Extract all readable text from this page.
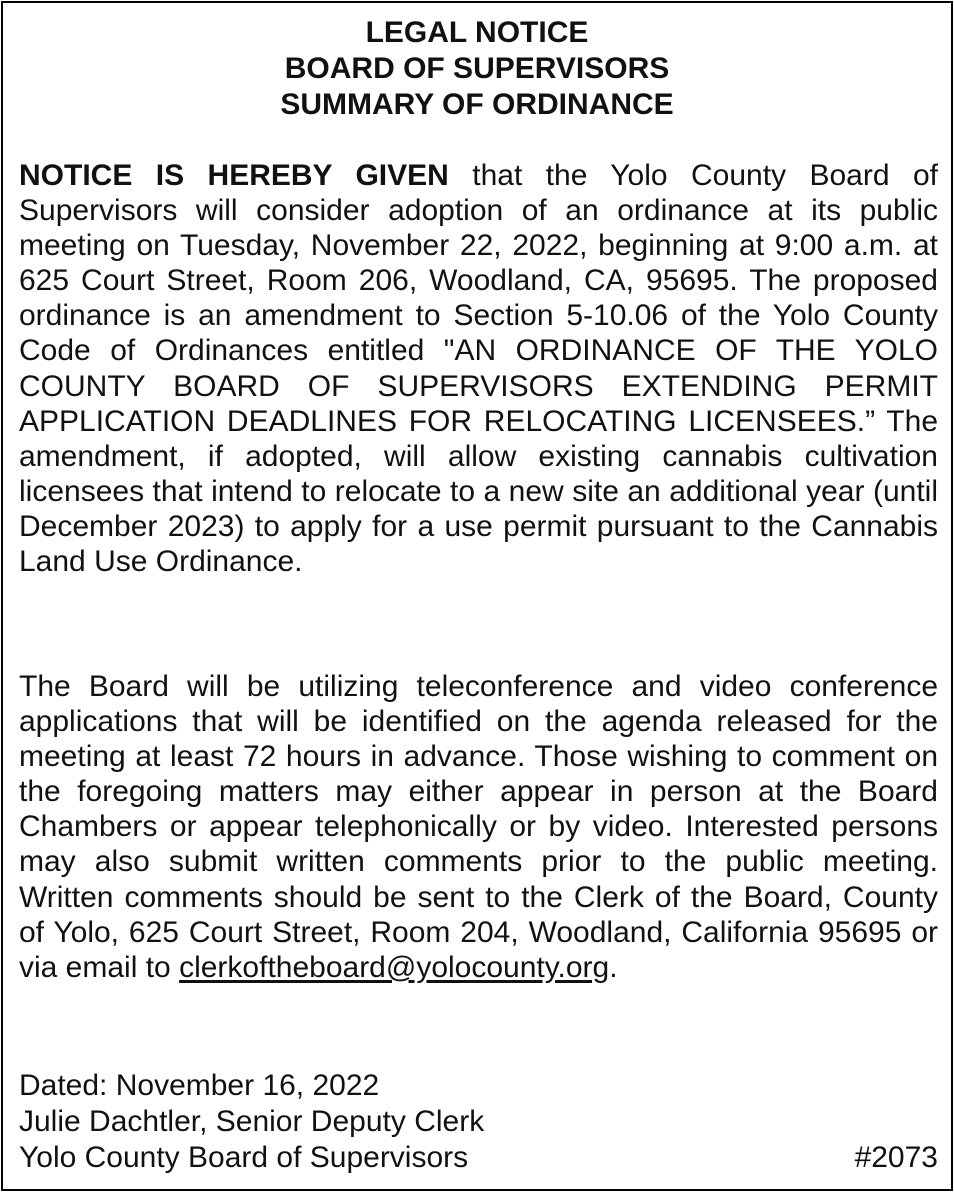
LEGAL NOTICE
BOARD OF SUPERVISORS
SUMMARY OF ORDINANCE

NOTICE IS HEREBY GIVEN that the Yolo County Board of Supervisors will consider adoption of an ordinance at its public meeting on Tuesday, November 22, 2022, beginning at 9:00 a.m. at 625 Court Street, Room 206, Woodland, CA, 95695. The proposed ordinance is an amendment to Section 5-10.06 of the Yolo County Code of Ordinances entitled "AN ORDINANCE OF THE YOLO COUNTY BOARD OF SUPERVISORS EXTENDING PERMIT APPLICATION DEADLINES FOR RELOCATING LICENSEES.” The amendment, if adopted, will allow existing cannabis cultivation licensees that intend to relocate to a new site an additional year (until December 2023) to apply for a use permit pursuant to the Cannabis Land Use Ordinance.

The Board will be utilizing teleconference and video conference applications that will be identified on the agenda released for the meeting at least 72 hours in advance. Those wishing to comment on the foregoing matters may either appear in person at the Board Chambers or appear telephonically or by video. Interested persons may also submit written comments prior to the public meeting. Written comments should be sent to the Clerk of the Board, County of Yolo, 625 Court Street, Room 204, Woodland, California 95695 or via email to clerkoftheboard@yolocounty.org.

Dated: November 16, 2022
Julie Dachtler, Senior Deputy Clerk
Yolo County Board of Supervisors	#2073
